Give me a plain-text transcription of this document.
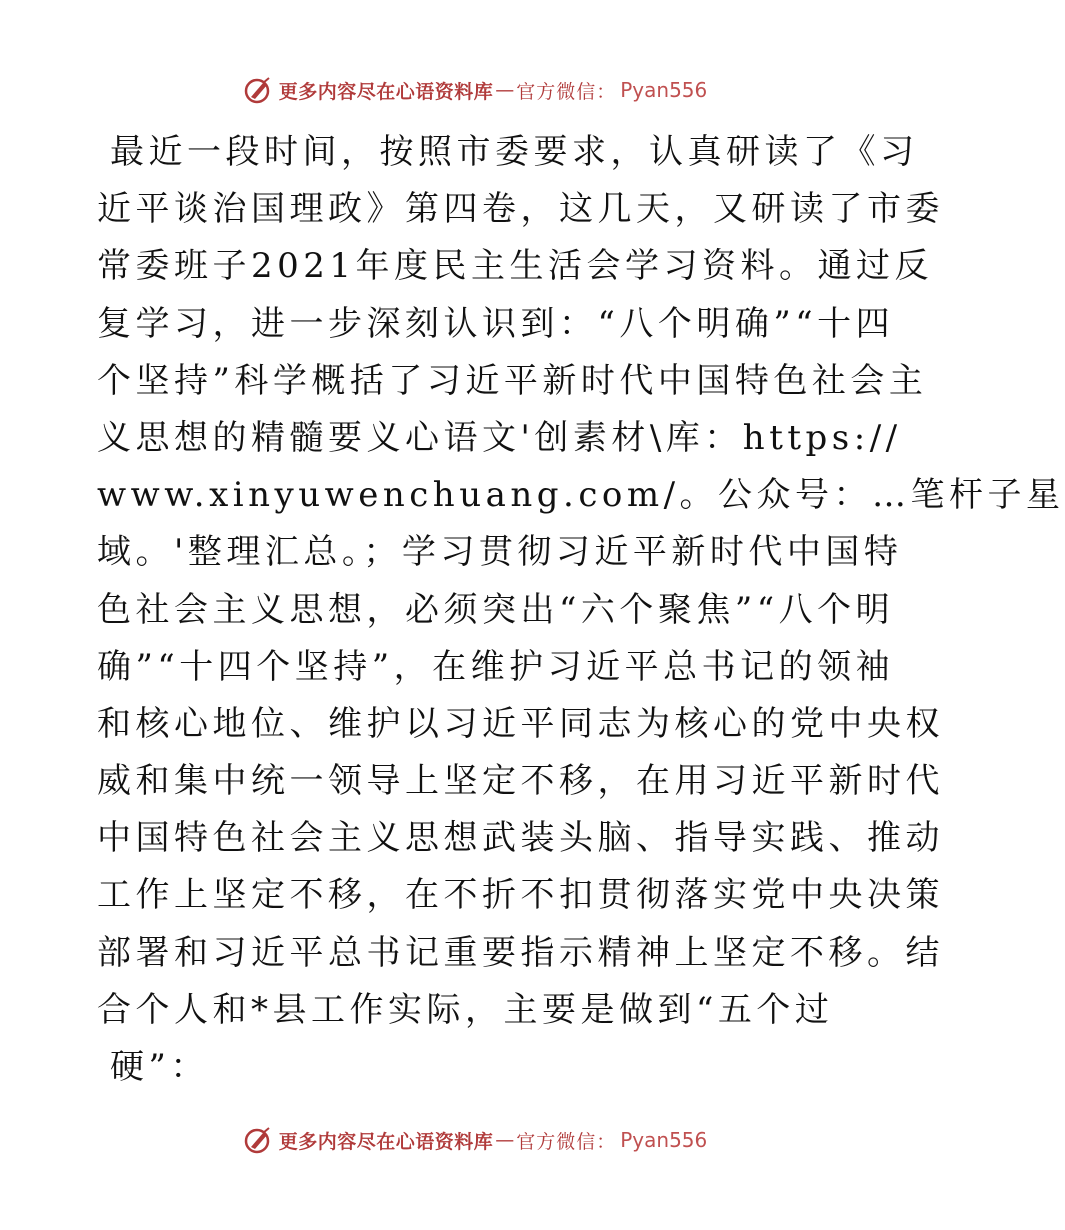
更多内容尽在心语资料库 — 官方微信： Pyan556
最近一段时间，按照市委要求，认真研读了《习
近平谈治国理政》第四卷，这几天，又研读了市委
常委班子2021年度民主生活会学习资料。通过反
复学习，进一步深刻认识到：“八个明确”“十四
个坚持”科学概括了习近平新时代中国特色社会主
义思想的精髓要义心语文'创素材\库：https://
www.xinyuwenchuang.com/。公众号：…笔杆子星
域。'整理汇总。；学习贯彻习近平新时代中国特
色社会主义思想，必须突出“六个聚焦”“八个明
确”“十四个坚持”，在维护习近平总书记的领袖
和核心地位、维护以习近平同志为核心的党中央权
威和集中统一领导上坚定不移，在用习近平新时代
中国特色社会主义思想武装头脑、指导实践、推动
工作上坚定不移，在不折不扣贯彻落实党中央决策
部署和习近平总书记重要指示精神上坚定不移。结
合个人和*县工作实际，主要是做到“五个过
硬”：
更多内容尽在心语资料库 — 官方微信： Pyan556
